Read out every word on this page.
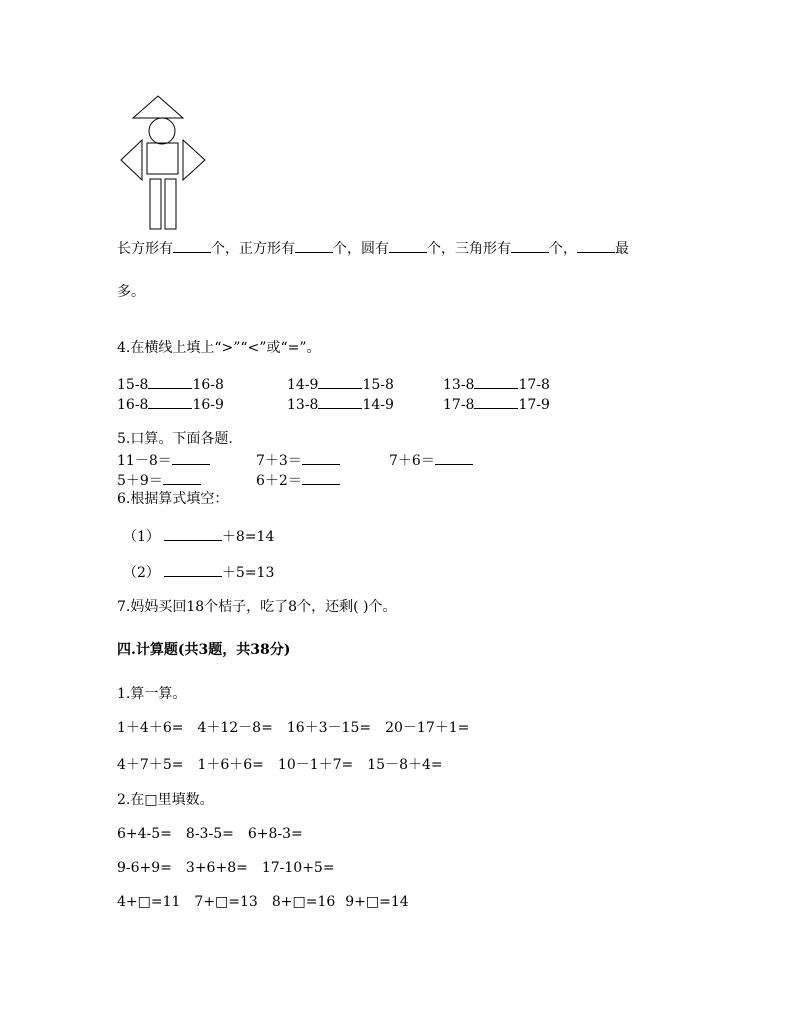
长方形有	个，正方形有	个，圆有	个，三角形有	个，	最
多。
4.在横线上填上“>”“<”或“=”。
15-8	16-8	14-9	15-8	13-8	17-8
16-8	16-9	13-8	14-9	17-8	17-9
5.口算。下面各题.
11－8＝	7＋3＝	7＋6＝
5＋9＝	6＋2＝
6.根据算式填空：
（1）	＋8=14
（2）	＋5=13
7.妈妈买回18个桔子，吃了8个，还剩( )个。
四.计算题(共3题，共38分)
1.算一算。
1＋4＋6= 4＋12－8= 16＋3－15= 20－17＋1=
4＋7＋5= 1＋6＋6= 10－1＋7= 15－8＋4=
2.在□里填数。
6+4-5= 8-3-5= 6+8-3=
9-6+9= 3+6+8= 17-10+5=
4+□=11 7+□=13 8+□=16 9+□=14
